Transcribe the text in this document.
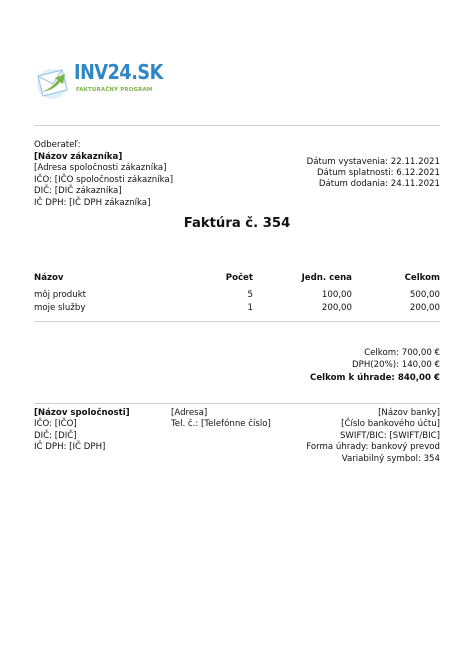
INV24.SK
FAKTURAČNÝ PROGRAM
Odberateľ:
[Názov zákazníka]
[Adresa spoločnosti zákazníka]
IČO: [IČO spoločnosti zákazníka]
DIČ: [DIČ zákazníka]
IČ DPH: [IČ DPH zákazníka]
Dátum vystavenia: 22.11.2021
Dátum splatnosti: 6.12.2021
Dátum dodania: 24.11.2021
Faktúra č. 354
Názov	Počet	Jedn. cena	Celkom
môj produkt	5	100,00	500,00
moje služby	1	200,00	200,00
Celkom: 700,00 €
DPH(20%): 140,00 €
Celkom k úhrade: 840,00 €
[Názov spoločnosti]
IČO: [IČO]
DIČ: [DIČ]
IČ DPH: [IČ DPH]
[Adresa]
Tel. č.: [Telefónne číslo]
[Názov banky]
[Číslo bankového účtu]
SWIFT/BIC: [SWIFT/BIC]
Forma úhrady: bankový prevod
Variabilný symbol: 354
